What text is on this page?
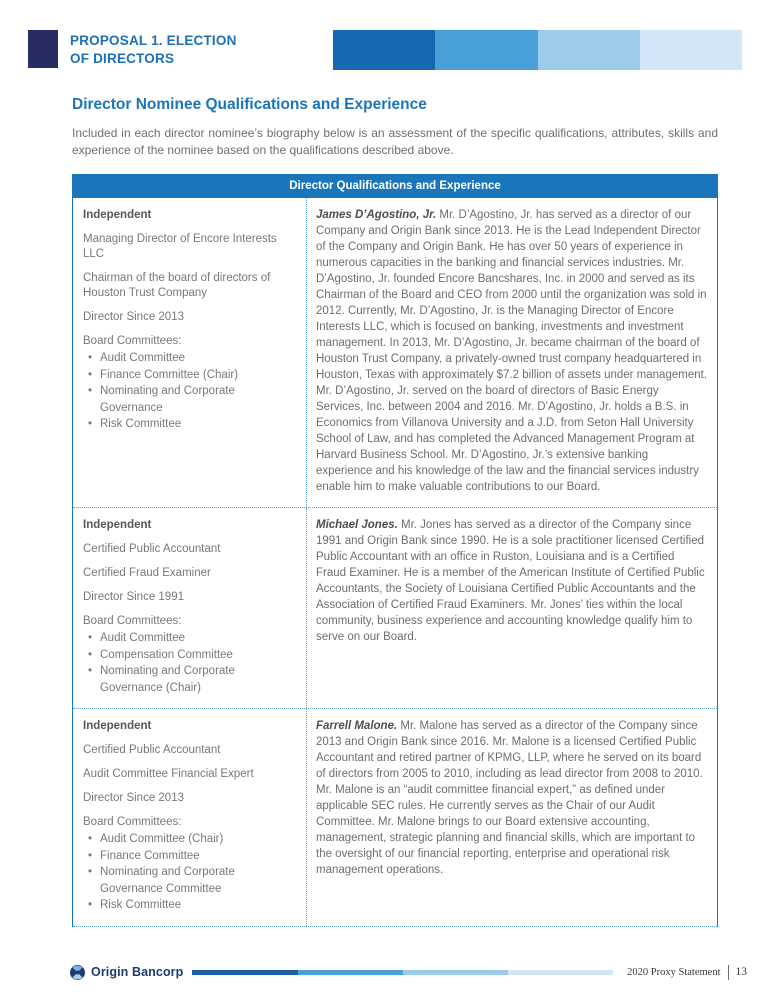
PROPOSAL 1. ELECTION
OF DIRECTORS
Director Nominee Qualifications and Experience

Included in each director nominee’s biography below is an assessment of the specific qualifications, attributes, skills and experience of the nominee based on the qualifications described above.

Director Qualifications and Experience
Independent

Managing Director of Encore Interests LLC

Chairman of the board of directors of Houston Trust Company

Director Since 2013

Board Committees:

• Audit Committee
• Finance Committee (Chair)
• Nominating and Corporate Governance
• Risk Committee

James D’Agostino, Jr. Mr. D’Agostino, Jr. has served as a director of our Company and Origin Bank since 2013. He is the Lead Independent Director of the Company and Origin Bank. He has over 50 years of experience in numerous capacities in the banking and financial services industries. Mr. D’Agostino, Jr. founded Encore Bancshares, Inc. in 2000 and served as its Chairman of the Board and CEO from 2000 until the organization was sold in 2012. Currently, Mr. D’Agostino, Jr. is the Managing Director of Encore Interests LLC, which is focused on banking, investments and investment management. In 2013, Mr. D’Agostino, Jr. became chairman of the board of Houston Trust Company, a privately-owned trust company headquartered in Houston, Texas with approximately $7.2 billion of assets under management. Mr. D’Agostino, Jr. served on the board of directors of Basic Energy Services, Inc. between 2004 and 2016. Mr. D’Agostino, Jr. holds a B.S. in Economics from Villanova University and a J.D. from Seton Hall University School of Law, and has completed the Advanced Management Program at Harvard Business School. Mr. D’Agostino, Jr.’s extensive banking experience and his knowledge of the law and the financial services industry enable him to make valuable contributions to our Board.

Independent

Certified Public Accountant

Certified Fraud Examiner

Director Since 1991

Board Committees:

• Audit Committee
• Compensation Committee
• Nominating and Corporate Governance (Chair)

Michael Jones. Mr. Jones has served as a director of the Company since 1991 and Origin Bank since 1990. He is a sole practitioner licensed Certified Public Accountant with an office in Ruston, Louisiana and is a Certified Fraud Examiner. He is a member of the American Institute of Certified Public Accountants, the Society of Louisiana Certified Public Accountants and the Association of Certified Fraud Examiners. Mr. Jones’ ties within the local community, business experience and accounting knowledge qualify him to serve on our Board.

Independent

Certified Public Accountant

Audit Committee Financial Expert

Director Since 2013

Board Committees:

• Audit Committee (Chair)
• Finance Committee
• Nominating and Corporate Governance Committee
• Risk Committee

Farrell Malone. Mr. Malone has served as a director of the Company since 2013 and Origin Bank since 2016. Mr. Malone is a licensed Certified Public Accountant and retired partner of KPMG, LLP, where he served on its board of directors from 2005 to 2010, including as lead director from 2008 to 2010. Mr. Malone is an “audit committee financial expert,” as defined under applicable SEC rules. He currently serves as the Chair of our Audit Committee. Mr. Malone brings to our Board extensive accounting, management, strategic planning and financial skills, which are important to the oversight of our financial reporting, enterprise and operational risk management operations.

Origin Bancorp	2020 Proxy Statement 13
